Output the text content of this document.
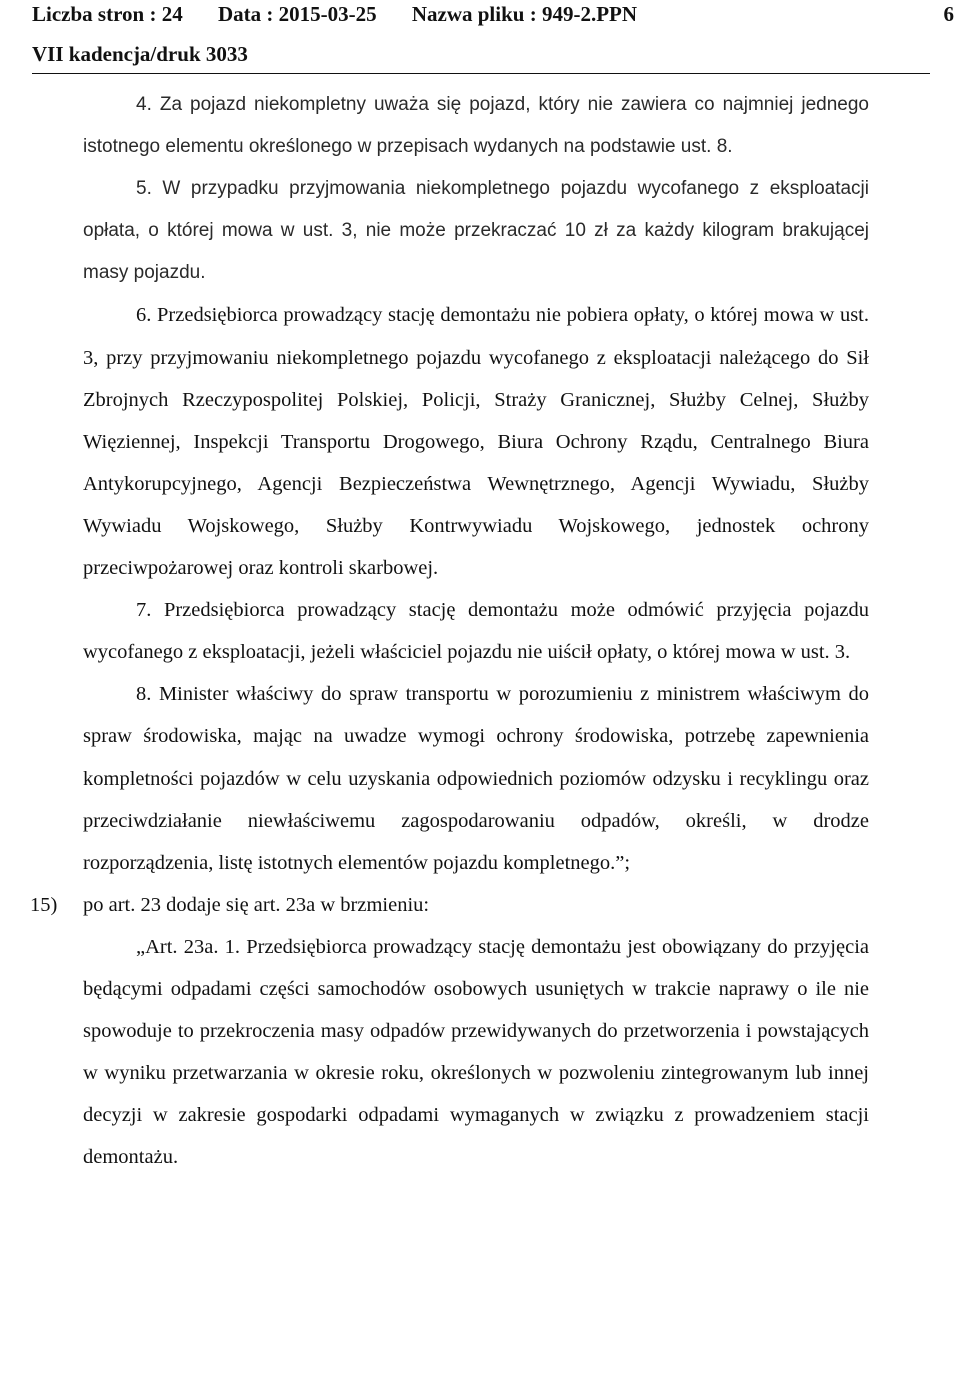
Liczba stron : 24 Data : 2015-03-25 Nazwa pliku : 949-2.PPN	6
VII kadencja/druk 3033

4. Za pojazd niekompletny uważa się pojazd, który nie zawiera co najmniej jednego istotnego elementu określonego w przepisach wydanych na podstawie ust. 8.

5. W przypadku przyjmowania niekompletnego pojazdu wycofanego z eksploatacji opłata, o której mowa w ust. 3, nie może przekraczać 10 zł za każdy kilogram brakującej masy pojazdu.

6. Przedsiębiorca prowadzący stację demontażu nie pobiera opłaty, o której mowa w ust. 3, przy przyjmowaniu niekompletnego pojazdu wycofanego z eksploatacji należącego do Sił Zbrojnych Rzeczypospolitej Polskiej, Policji, Straży Granicznej, Służby Celnej, Służby Więziennej, Inspekcji Transportu Drogowego, Biura Ochrony Rządu, Centralnego Biura Antykorupcyjnego, Agencji Bezpieczeństwa Wewnętrznego, Agencji Wywiadu, Służby Wywiadu Wojskowego, Służby Kontrwywiadu Wojskowego, jednostek ochrony przeciwpożarowej oraz kontroli skarbowej.

7. Przedsiębiorca prowadzący stację demontażu może odmówić przyjęcia pojazdu wycofanego z eksploatacji, jeżeli właściciel pojazdu nie uiścił opłaty, o której mowa w ust. 3.

8. Minister właściwy do spraw transportu w porozumieniu z ministrem właściwym do spraw środowiska, mając na uwadze wymogi ochrony środowiska, potrzebę zapewnienia kompletności pojazdów w celu uzyskania odpowiednich poziomów odzysku i recyklingu oraz przeciwdziałanie niewłaściwemu zagospodarowaniu odpadów, określi, w drodze rozporządzenia, listę istotnych elementów pojazdu kompletnego.”;

15) po art. 23 dodaje się art. 23a w brzmieniu:

„Art. 23a. 1. Przedsiębiorca prowadzący stację demontażu jest obowiązany do przyjęcia będącymi odpadami części samochodów osobowych usuniętych w trakcie naprawy o ile nie spowoduje to przekroczenia masy odpadów przewidywanych do przetworzenia i powstających w wyniku przetwarzania w okresie roku, określonych w pozwoleniu zintegrowanym lub innej decyzji w zakresie gospodarki odpadami wymaganych w związku z prowadzeniem stacji demontażu.
